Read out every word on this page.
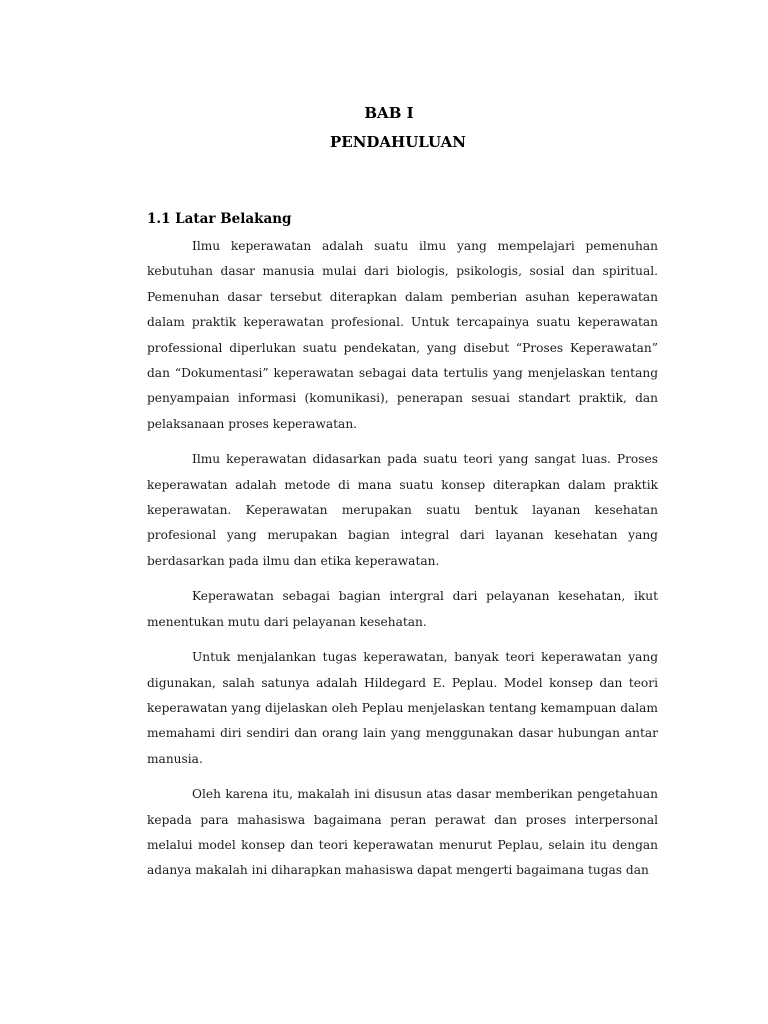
BAB I
PENDAHULUAN
1.1 Latar Belakang

Ilmu keperawatan adalah suatu ilmu yang mempelajari pemenuhan kebutuhan dasar manusia mulai dari biologis, psikologis, sosial dan spiritual. Pemenuhan dasar tersebut diterapkan dalam pemberian asuhan keperawatan dalam praktik keperawatan profesional. Untuk tercapainya suatu keperawatan professional diperlukan suatu pendekatan, yang disebut “Proses Keperawatan” dan “Dokumentasi” keperawatan sebagai data tertulis yang menjelaskan tentang penyampaian informasi (komunikasi), penerapan sesuai standart praktik, dan pelaksanaan proses keperawatan.

Ilmu keperawatan didasarkan pada suatu teori yang sangat luas. Proses keperawatan adalah metode di mana suatu konsep diterapkan dalam praktik keperawatan. Keperawatan merupakan suatu bentuk layanan kesehatan profesional yang merupakan bagian integral dari layanan kesehatan yang berdasarkan pada ilmu dan etika keperawatan.

Keperawatan sebagai bagian intergral dari pelayanan kesehatan, ikut menentukan mutu dari pelayanan kesehatan.

Untuk menjalankan tugas keperawatan, banyak teori keperawatan yang digunakan, salah satunya adalah Hildegard E. Peplau. Model konsep dan teori keperawatan yang dijelaskan oleh Peplau menjelaskan tentang kemampuan dalam memahami diri sendiri dan orang lain yang menggunakan dasar hubungan antar manusia.

Oleh karena itu, makalah ini disusun atas dasar memberikan pengetahuan kepada para mahasiswa bagaimana peran perawat dan proses interpersonal melalui model konsep dan teori keperawatan menurut Peplau, selain itu dengan adanya makalah ini diharapkan mahasiswa dapat mengerti bagaimana tugas dan
